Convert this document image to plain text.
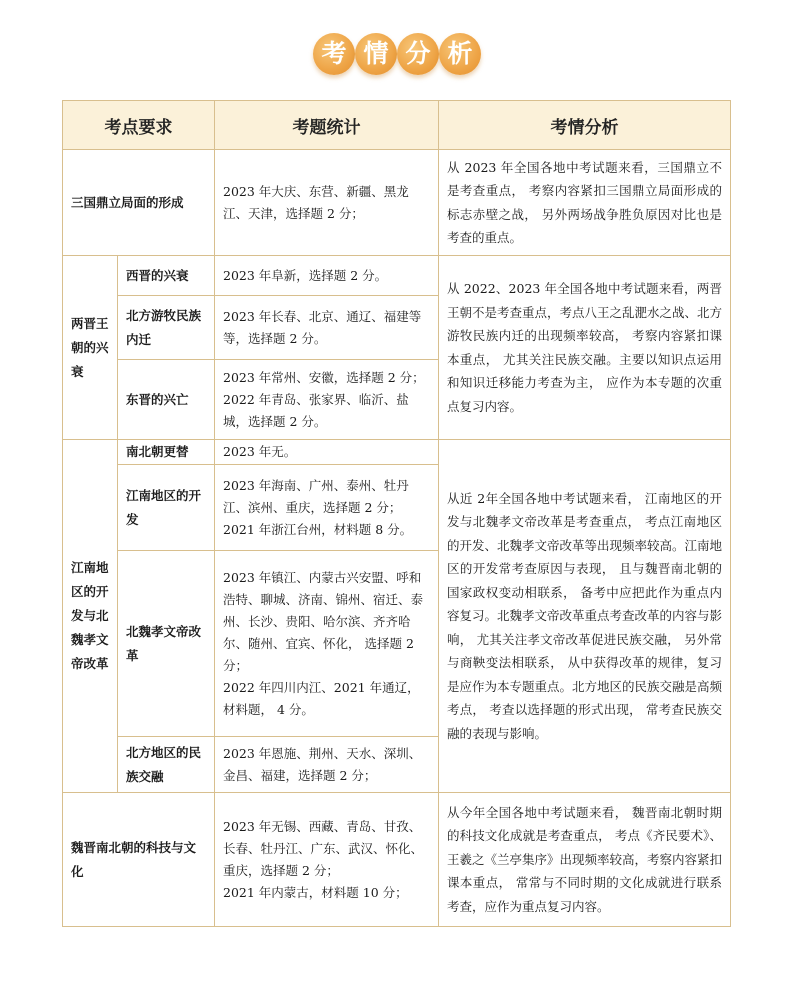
考 情 分 析
考点要求		考题统计	考情分析
三国鼎立局面的形成		2023 年大庆、东营、新疆、黑龙江、天津，选择题 2 分；	从 2023 年全国各地中考试题来看，三国鼎立不是考查重点， 考察内容紧扣三国鼎立局面形成的标志赤壁之战， 另外两场战争胜负原因对比也是考查的重点。
两晋王朝的兴衰	西晋的兴衰	2023 年阜新，选择题 2 分。	从 2022、2023 年全国各地中考试题来看，两晋王朝不是考查重点，考点八王之乱淝水之战、北方游牧民族内迁的出现频率较高， 考察内容紧扣课本重点， 尤其关注民族交融。主要以知识点运用和知识迁移能力考查为主， 应作为本专题的次重点复习内容。
	北方游牧民族内迁	2023 年长春、北京、通辽、福建等等，选择题 2 分。	

	东晋的兴亡	2023 年常州、安徽，选择题 2 分；

2022 年青岛、张家界、临沂、盐城，选择题 2 分。	

江南地区的开发与北魏孝文帝改革	南北朝更替	2023 年无。	从近 2年全国各地中考试题来看， 江南地区的开发与北魏孝文帝改革是考查重点， 考点江南地区的开发、北魏孝文帝改革等出现频率较高。江南地区的开发常考查原因与表现， 且与魏晋南北朝的国家政权变动相联系， 备考中应把此作为重点内容复习。北魏孝文帝改革重点考查改革的内容与影响， 尤其关注孝文帝改革促进民族交融， 另外常与商鞅变法相联系， 从中获得改革的规律，复习是应作为本专题重点。北方地区的民族交融是高频考点， 考查以选择题的形式出现， 常考查民族交融的表现与影响。
	江南地区的开发	2023 年海南、广州、泰州、牡丹江、滨州、重庆，选择题 2 分；

2021 年浙江台州，材料题 8 分。	

	北魏孝文帝改革	2023 年镇江、内蒙古兴安盟、呼和浩特、聊城、济南、锦州、宿迁、泰州、长沙、贵阳、哈尔滨、齐齐哈尔、随州、宜宾、怀化， 选择题 2 分；

2022 年四川内江、2021 年通辽，材料题， 4 分。	

	北方地区的民族交融	2023 年恩施、荆州、天水、深圳、金昌、福建，选择题 2 分；	

魏晋南北朝的科技与文化		2023 年无锡、西藏、青岛、甘孜、长春、牡丹江、广东、武汉、怀化、重庆，选择题 2 分；

2021 年内蒙古，材料题 10 分；	从今年全国各地中考试题来看， 魏晋南北朝时期的科技文化成就是考查重点， 考点《齐民要术》、王羲之《兰亭集序》出现频率较高，考察内容紧扣课本重点， 常常与不同时期的文化成就进行联系考查，应作为重点复习内容。
